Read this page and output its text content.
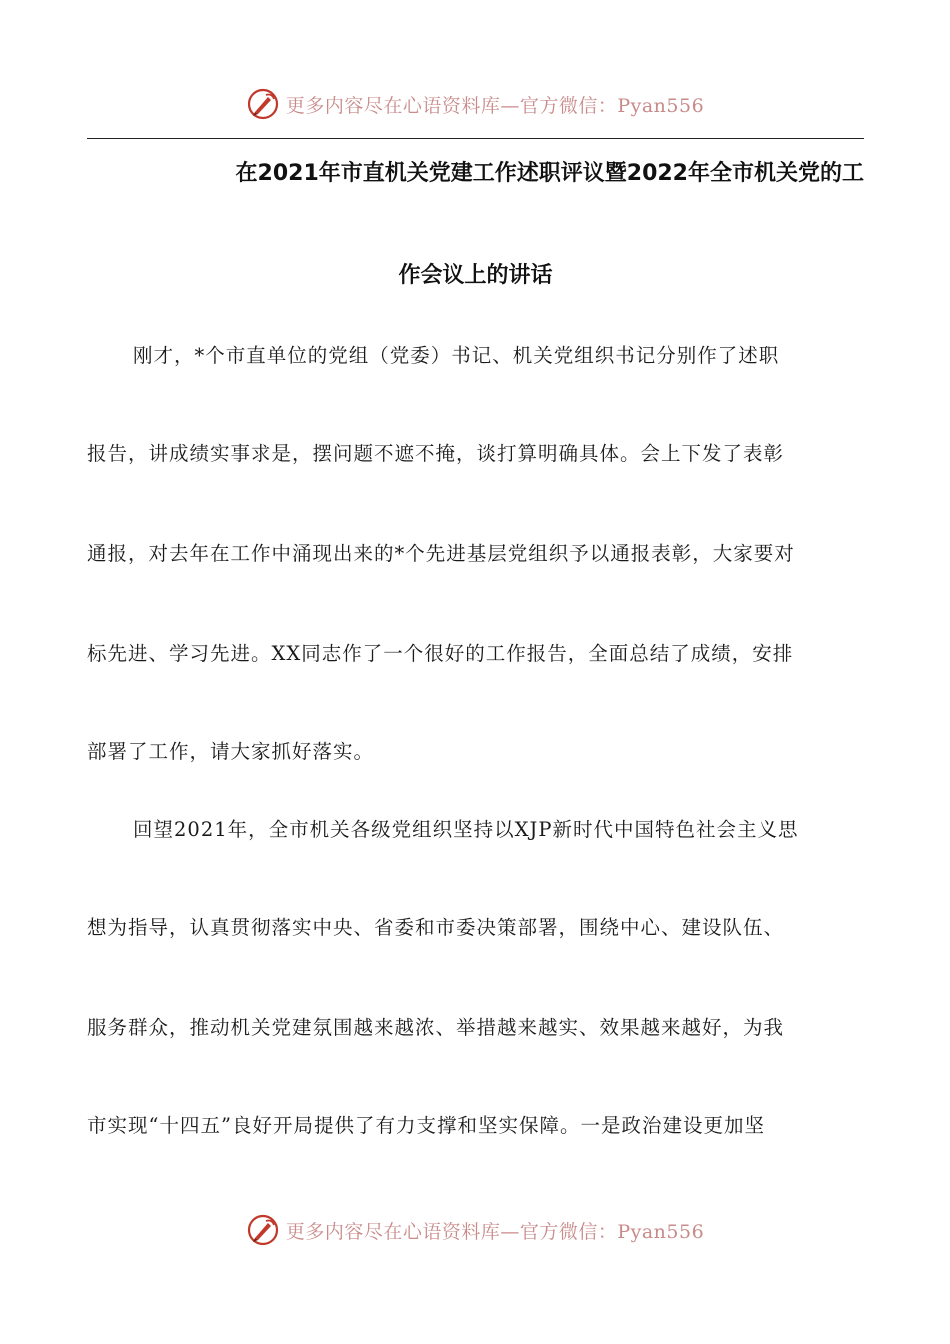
更多内容尽在心语资料库—官方微信：Pyan556
在2021年市直机关党建工作述职评议暨2022年全市机关党的工
作会议上的讲话
刚才，*个市直单位的党组（党委）书记、机关党组织书记分别作了述职
报告，讲成绩实事求是，摆问题不遮不掩，谈打算明确具体。会上下发了表彰
通报，对去年在工作中涌现出来的*个先进基层党组织予以通报表彰，大家要对
标先进、学习先进。XX同志作了一个很好的工作报告，全面总结了成绩，安排
部署了工作，请大家抓好落实。
回望2021年，全市机关各级党组织坚持以XJP新时代中国特色社会主义思
想为指导，认真贯彻落实中央、省委和市委决策部署，围绕中心、建设队伍、
服务群众，推动机关党建氛围越来越浓、举措越来越实、效果越来越好，为我
市实现“十四五”良好开局提供了有力支撑和坚实保障。一是政治建设更加坚
更多内容尽在心语资料库—官方微信：Pyan556
